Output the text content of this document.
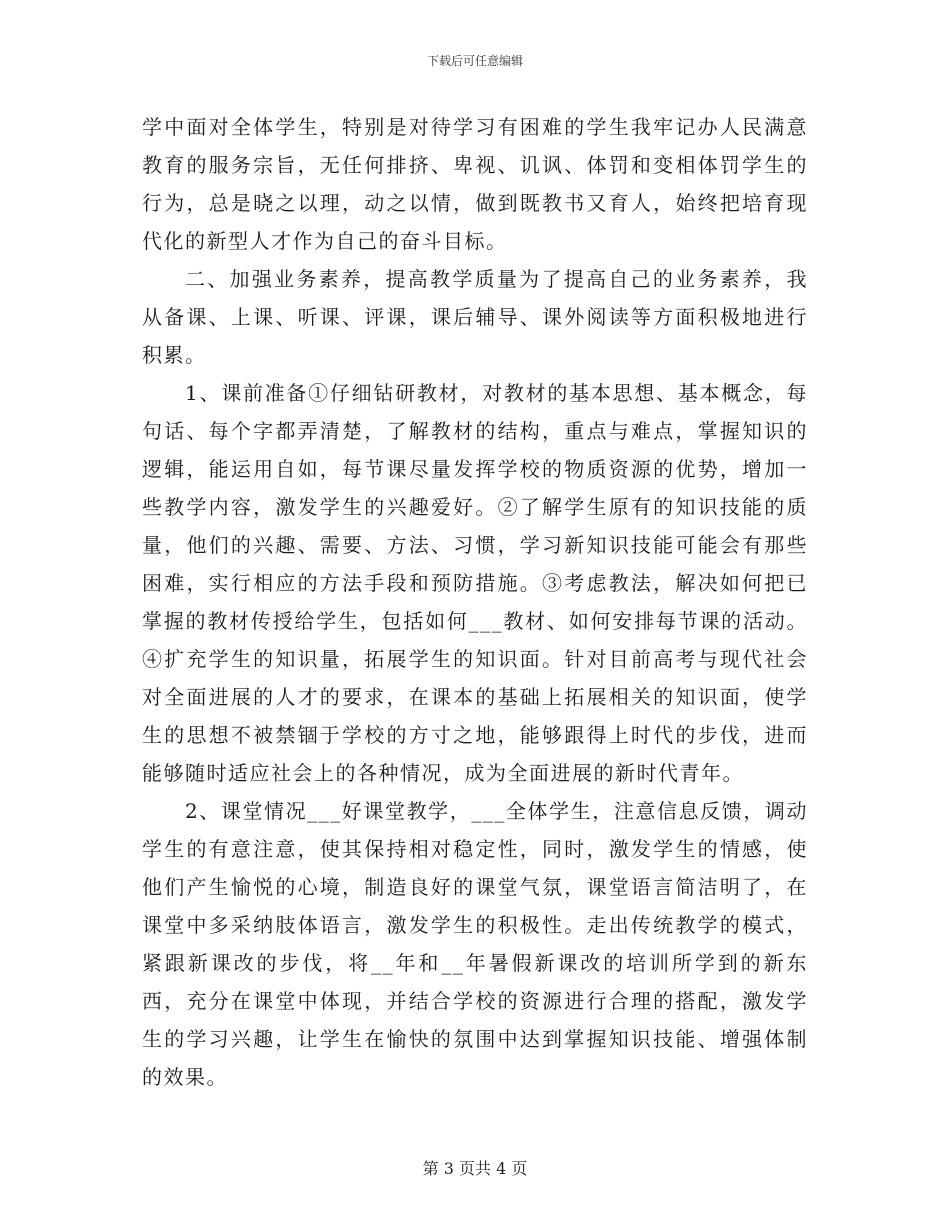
下载后可任意编辑

学中面对全体学生，特别是对待学习有困难的学生我牢记办人民满意教育的服务宗旨，无任何排挤、卑视、讥讽、体罚和变相体罚学生的行为，总是晓之以理，动之以情，做到既教书又育人，始终把培育现代化的新型人才作为自己的奋斗目标。

二、加强业务素养，提高教学质量为了提高自己的业务素养，我从备课、上课、听课、评课，课后辅导、课外阅读等方面积极地进行积累。

1、课前准备①仔细钻研教材，对教材的基本思想、基本概念，每句话、每个字都弄清楚，了解教材的结构，重点与难点，掌握知识的逻辑，能运用自如，每节课尽量发挥学校的物质资源的优势，增加一些教学内容，激发学生的兴趣爱好。②了解学生原有的知识技能的质量，他们的兴趣、需要、方法、习惯，学习新知识技能可能会有那些困难，实行相应的方法手段和预防措施。③考虑教法，解决如何把已掌握的教材传授给学生，包括如何___教材、如何安排每节课的活动。④扩充学生的知识量，拓展学生的知识面。针对目前高考与现代社会对全面进展的人才的要求，在课本的基础上拓展相关的知识面，使学生的思想不被禁锢于学校的方寸之地，能够跟得上时代的步伐，进而能够随时适应社会上的各种情况，成为全面进展的新时代青年。

2、课堂情况___好课堂教学，___全体学生，注意信息反馈，调动学生的有意注意，使其保持相对稳定性，同时，激发学生的情感，使他们产生愉悦的心境，制造良好的课堂气氛，课堂语言简洁明了，在课堂中多采纳肢体语言，激发学生的积极性。走出传统教学的模式，紧跟新课改的步伐，将__年和__年暑假新课改的培训所学到的新东西，充分在课堂中体现，并结合学校的资源进行合理的搭配，激发学生的学习兴趣，让学生在愉快的氛围中达到掌握知识技能、增强体制的效果。

第 3 页共 4 页
